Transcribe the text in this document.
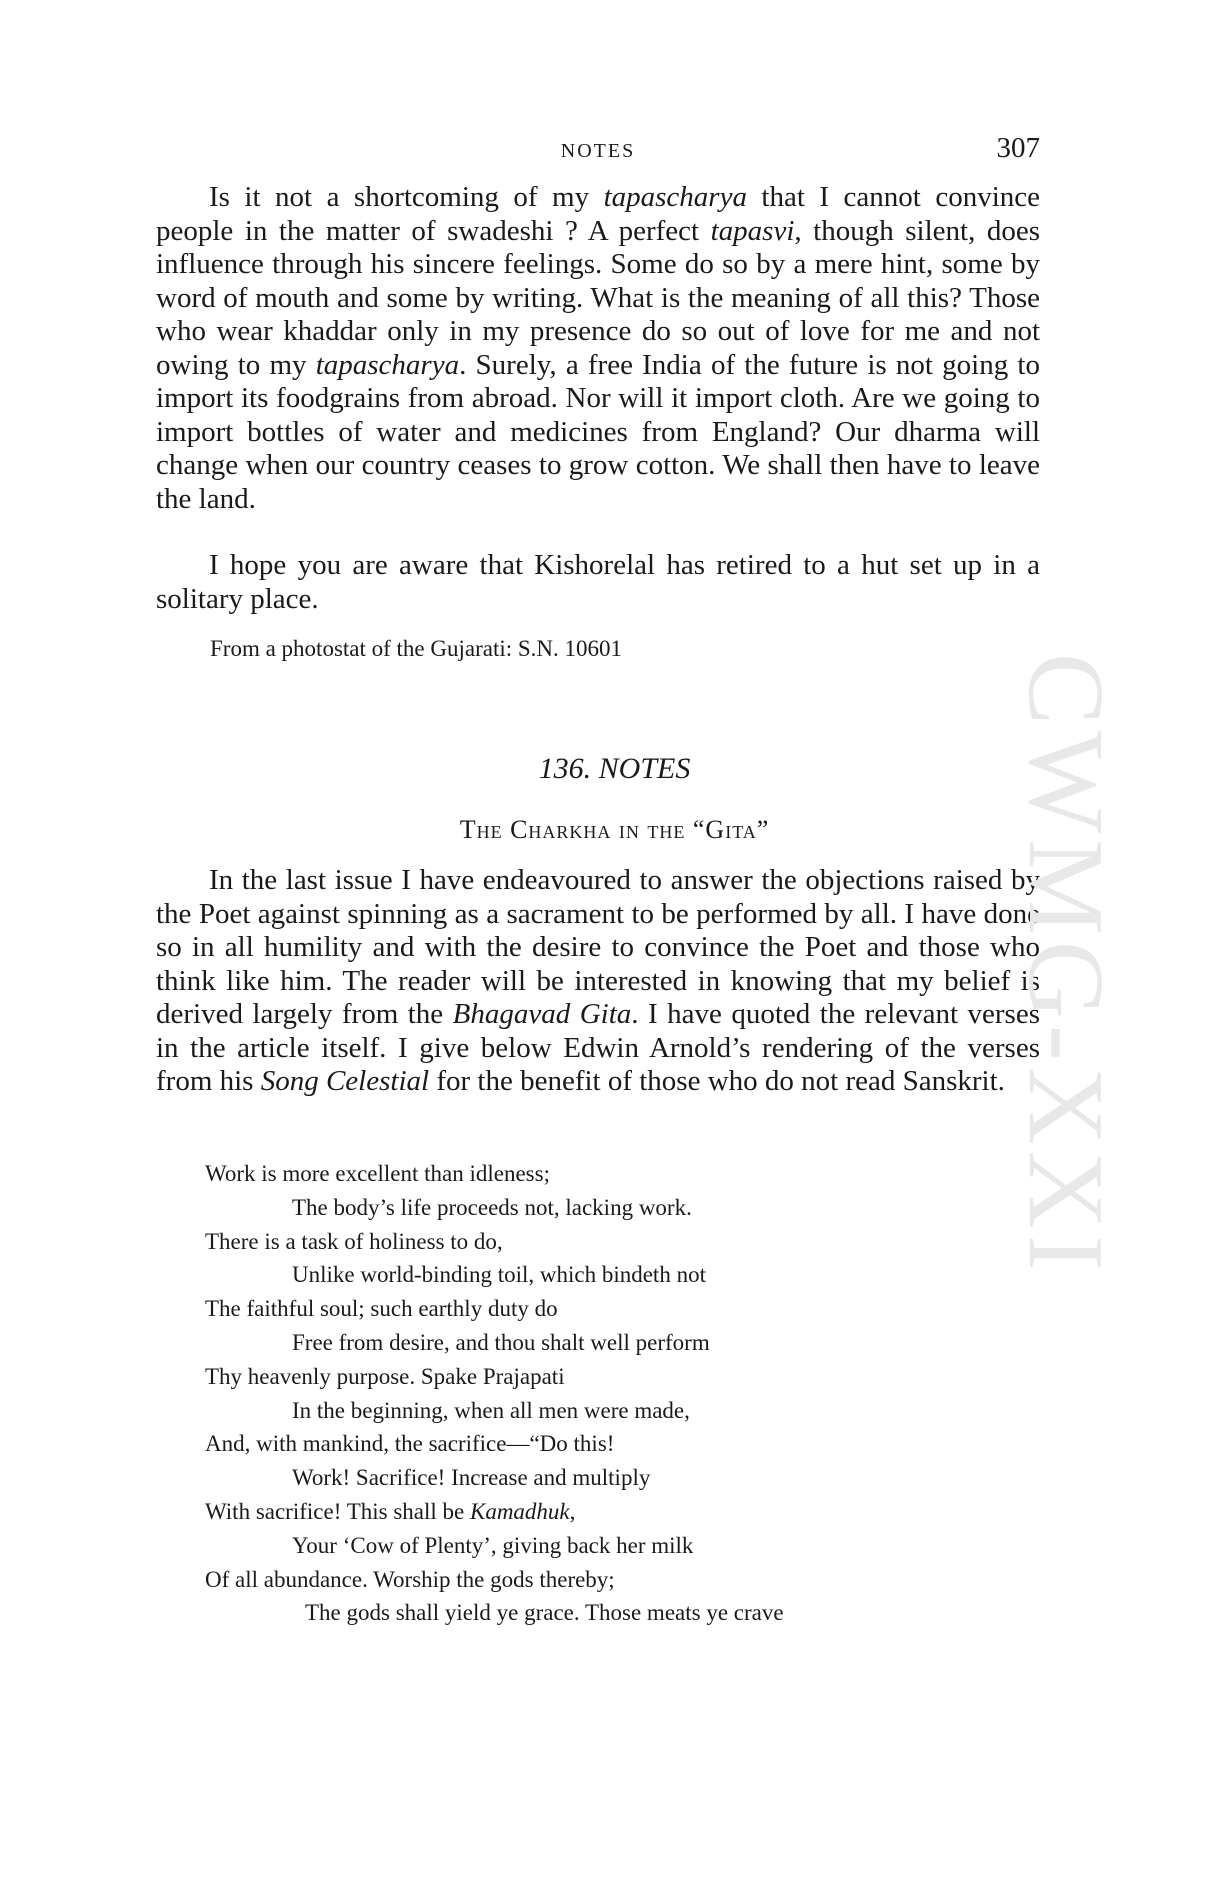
NOTES	307

Is it not a shortcoming of my tapascharya that I cannot convince people in the matter of swadeshi ? A perfect tapasvi, though silent, does influence through his sincere feelings. Some do so by a mere hint, some by word of mouth and some by writing. What is the meaning of all this? Those who wear khaddar only in my presence do so out of love for me and not owing to my tapascharya. Surely, a free India of the future is not going to import its foodgrains from abroad. Nor will it import cloth. Are we going to import bottles of water and medicines from England? Our dharma will change when our country ceases to grow cotton. We shall then have to leave the land.

I hope you are aware that Kishorelal has retired to a hut set up in a solitary place.

From a photostat of the Gujarati: S.N. 10601
136. NOTES
The Charkha in the “Gita”

In the last issue I have endeavoured to answer the objections raised by the Poet against spinning as a sacrament to be performed by all. I have done so in all humility and with the desire to convince the Poet and those who think like him. The reader will be interested in knowing that my belief is derived largely from the Bhagavad Gita. I have quoted the relevant verses in the article itself. I give below Edwin Arnold’s rendering of the verses from his Song Celestial for the benefit of those who do not read Sanskrit.

Work is more excellent than idleness;
The body’s life proceeds not, lacking work.
There is a task of holiness to do,
Unlike world-binding toil, which bindeth not
The faithful soul; such earthly duty do
Free from desire, and thou shalt well perform
Thy heavenly purpose. Spake Prajapati
In the beginning, when all men were made,
And, with mankind, the sacrifice—“Do this!
Work! Sacrifice! Increase and multiply
With sacrifice! This shall be Kamadhuk,
Your ‘Cow of Plenty’, giving back her milk
Of all abundance. Worship the gods thereby;
The gods shall yield ye grace. Those meats ye crave
CWMG-XXI
